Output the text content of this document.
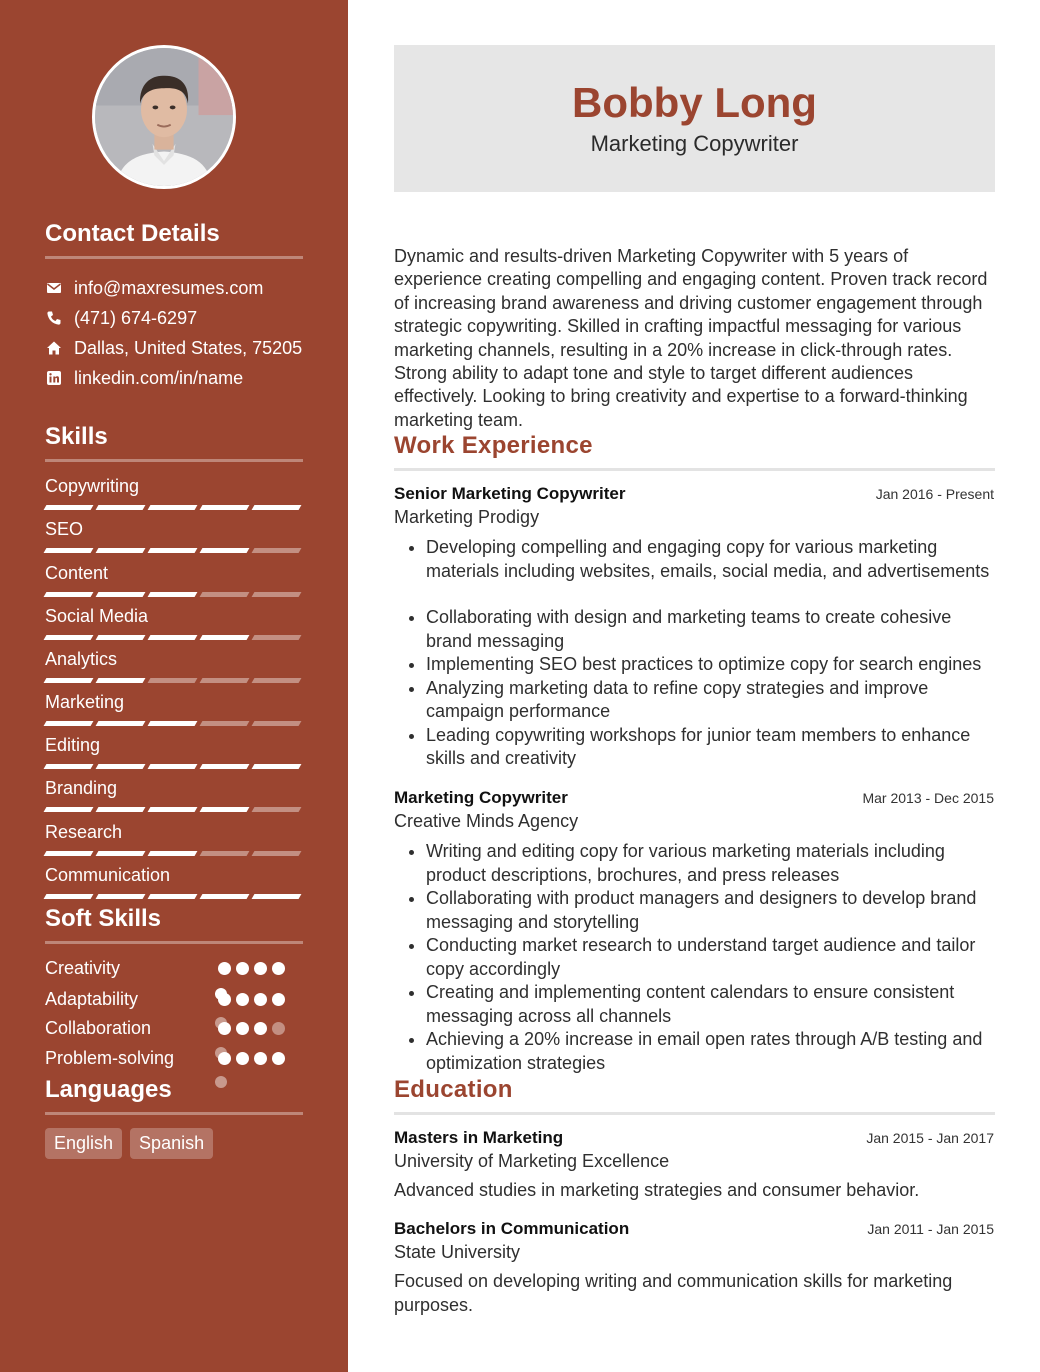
Contact Details
info@maxresumes.com
(471) 674-6297
Dallas, United States, 75205
linkedin.com/in/name
Skills
Copywriting
SEO
Content
Social Media
Analytics
Marketing
Editing
Branding
Research
Communication
Soft Skills
Creativity
Adaptability
Collaboration
Problem-solving
Languages
English	Spanish
Bobby Long
Marketing Copywriter

Dynamic and results-driven Marketing Copywriter with 5 years of experience creating compelling and engaging content. Proven track record of increasing brand awareness and driving customer engagement through strategic copywriting. Skilled in crafting impactful messaging for various marketing channels, resulting in a 20% increase in click-through rates. Strong ability to adapt tone and style to target different audiences effectively. Looking to bring creativity and expertise to a forward-thinking marketing team.

Work Experience
Senior Marketing Copywriter	Jan 2016 - Present
Marketing Prodigy
• Developing compelling and engaging copy for various marketing materials including websites, emails, social media, and advertisements
• Collaborating with design and marketing teams to create cohesive brand messaging
• Implementing SEO best practices to optimize copy for search engines
• Analyzing marketing data to refine copy strategies and improve campaign performance
• Leading copywriting workshops for junior team members to enhance skills and creativity
Marketing Copywriter	Mar 2013 - Dec 2015
Creative Minds Agency
• Writing and editing copy for various marketing materials including product descriptions, brochures, and press releases
• Collaborating with product managers and designers to develop brand messaging and storytelling
• Conducting market research to understand target audience and tailor copy accordingly
• Creating and implementing content calendars to ensure consistent messaging across all channels
• Achieving a 20% increase in email open rates through A/B testing and optimization strategies
Education
Masters in Marketing	Jan 2015 - Jan 2017
University of Marketing Excellence
Advanced studies in marketing strategies and consumer behavior.
Bachelors in Communication	Jan 2011 - Jan 2015
State University
Focused on developing writing and communication skills for marketing purposes.
